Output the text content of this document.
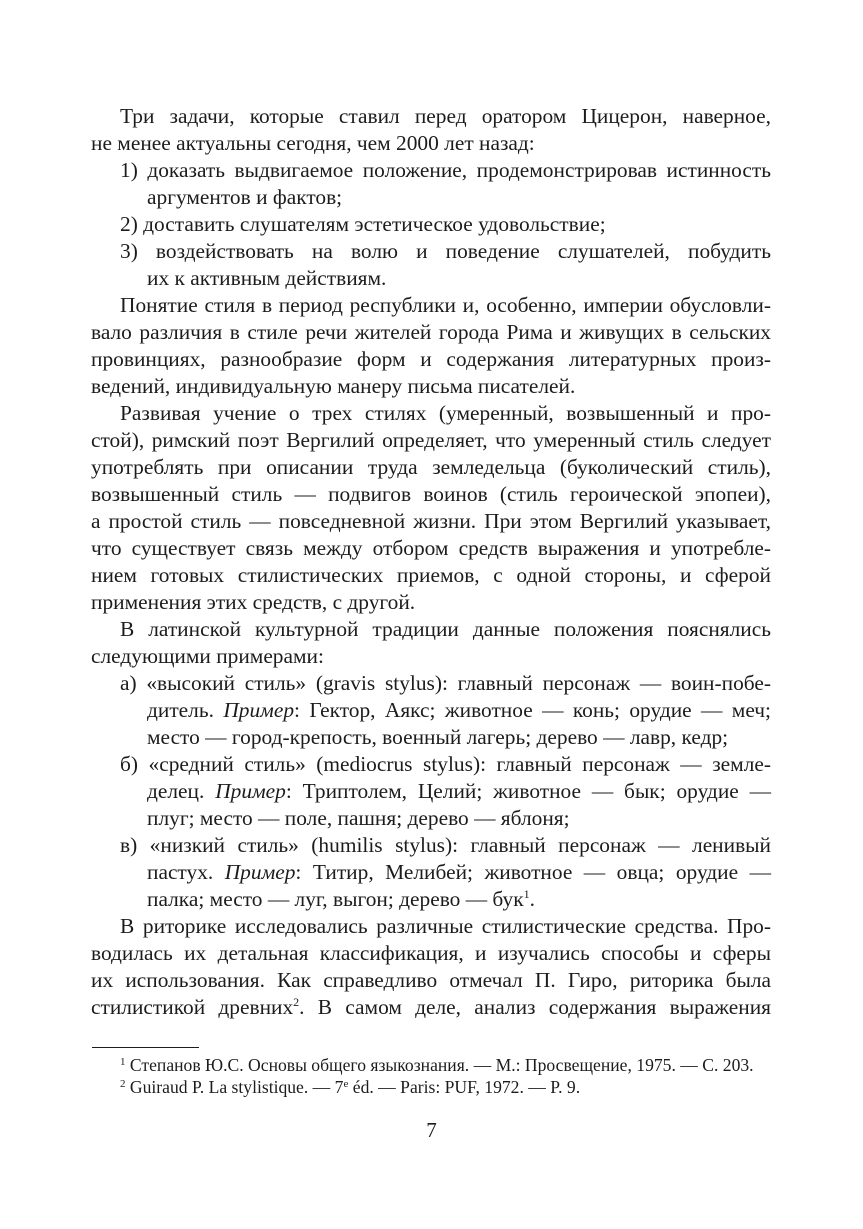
Три задачи, которые ставил перед оратором Цицерон, наверное,
не менее актуальны сегодня, чем 2000 лет назад:
1) доказать выдвигаемое положение, продемонстрировав истинность
аргументов и фактов;
2) доставить слушателям эстетическое удовольствие;
3) воздействовать на волю и поведение слушателей, побудить
их к активным действиям.
Понятие стиля в период республики и, особенно, империи обусловли-
вало различия в стиле речи жителей города Рима и живущих в сельских
провинциях, разнообразие форм и содержания литературных произ-
ведений, индивидуальную манеру письма писателей.
Развивая учение о трех стилях (умеренный, возвышенный и про-
стой), римский поэт Вергилий определяет, что умеренный стиль следует
употреблять при описании труда земледельца (буколический стиль),
возвышенный стиль — подвигов воинов (стиль героической эпопеи),
а простой стиль — повседневной жизни. При этом Вергилий указывает,
что существует связь между отбором средств выражения и употребле-
нием готовых стилистических приемов, с одной стороны, и сферой
применения этих средств, с другой.
В латинской культурной традиции данные положения пояснялись
следующими примерами:
а) «высокий стиль» (gravis stylus): главный персонаж — воин-побе-
дитель. Пример: Гектор, Аякс; животное — конь; орудие — меч;
место — город-крепость, военный лагерь; дерево — лавр, кедр;
б) «средний стиль» (mediocrus stylus): главный персонаж — земле-
делец. Пример: Триптолем, Целий; животное — бык; орудие —
плуг; место — поле, пашня; дерево — яблоня;
в) «низкий стиль» (humilis stylus): главный персонаж — ленивый
пастух. Пример: Титир, Мелибей; животное — овца; орудие —
палка; место — луг, выгон; дерево — бук$^1$.
В риторике исследовались различные стилистические средства. Про-
водилась их детальная классификация, и изучались способы и сферы
их использования. Как справедливо отмечал П. Гиро, риторика была
стилистикой древних$^2$. В самом деле, анализ содержания выражения

$^1$ Степанов Ю.С. Основы общего языкознания. — М.: Просвещение, 1975. — С. 203.

$^2$ Guiraud P. La stylistique. — 7e éd. — Paris: PUF, 1972. — P. 9.

7
